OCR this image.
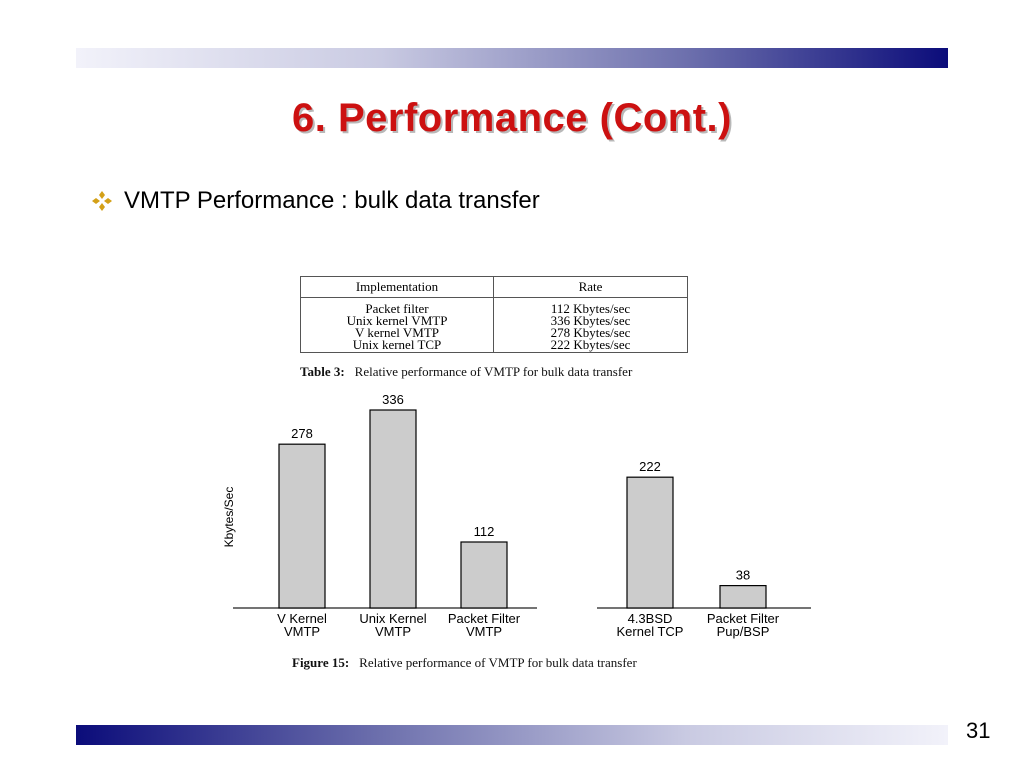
6. Performance (Cont.)
VMTP Performance : bulk data transfer
Implementation	Rate
Packet filter
Unix kernel VMTP
V kernel VMTP
Unix kernel TCP
112 Kbytes/sec
336 Kbytes/sec
278 Kbytes/sec
222 Kbytes/sec
Table 3: Relative performance of VMTP for bulk data transfer
278
V Kernel
VMTP
336
Unix Kernel
VMTP
112
Packet Filter
VMTP
222
4.3BSD
Kernel TCP
38
Packet Filter
Pup/BSP
Kbytes/Sec
Figure 15: Relative performance of VMTP for bulk data transfer
31
